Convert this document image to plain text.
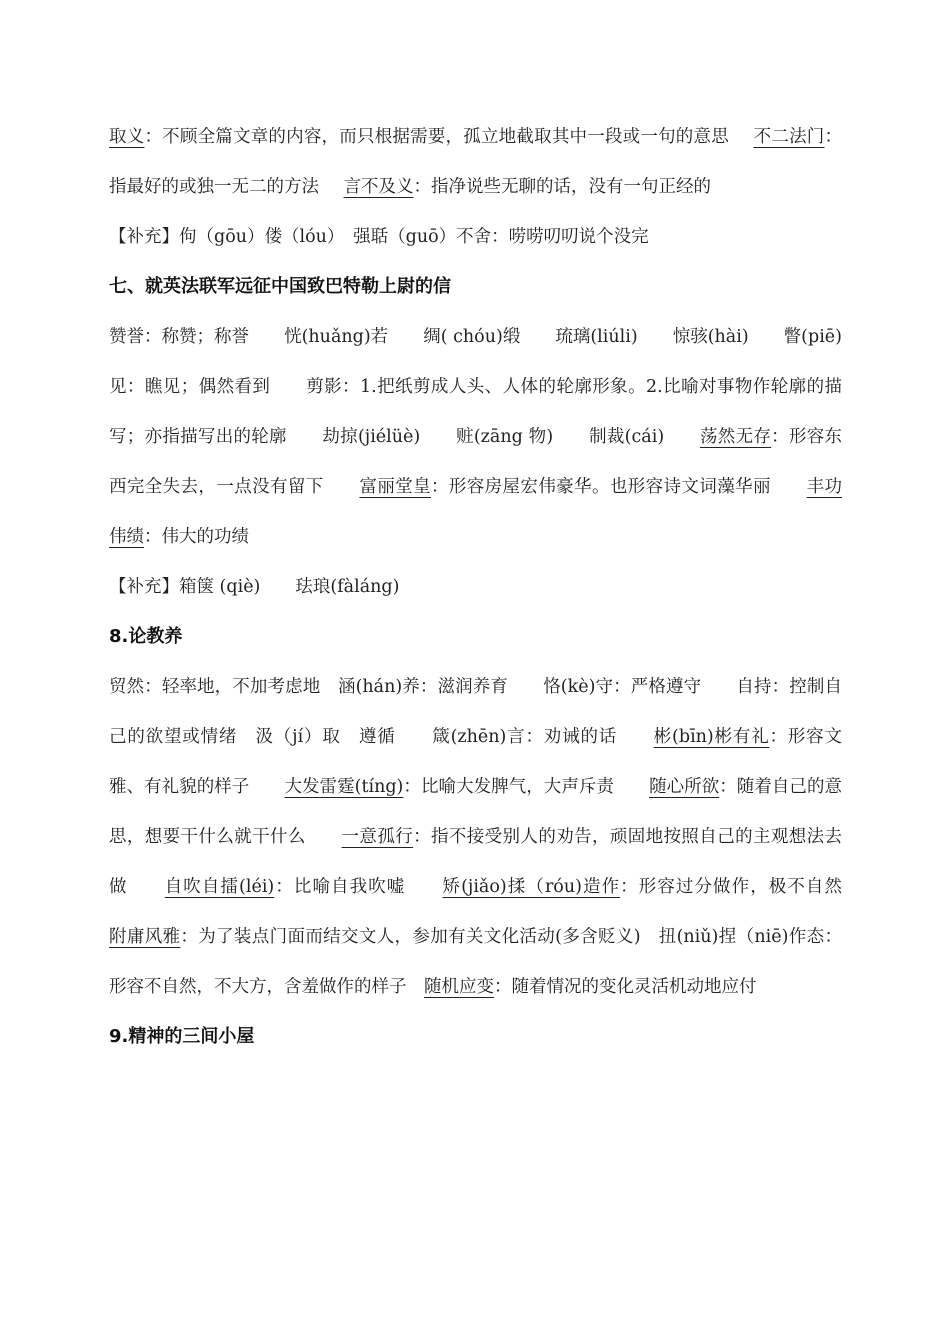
取义：不顾全篇文章的内容，而只根据需要，孤立地截取其中一段或一句的意思 不二法门：指最好的或独一无二的方法 言不及义：指净说些无聊的话，没有一句正经的

【补充】佝（gōu）偻（lóu）　强聒（guō）不舍：唠唠叨叨说个没完

七、就英法联军远征中国致巴特勒上尉的信

赞誉：称赞；称誉　　恍(huǎng)若　　绸( chóu)缎　　琉璃(liúli)　　惊骇(hài)　　瞥(piē)见：瞧见；偶然看到　　剪影：1.把纸剪成人头、人体的轮廓形象。2.比喻对事物作轮廓的描写；亦指描写出的轮廓　　劫掠(jiélüè)　　赃(zāng 物)　　制裁(cái)　　荡然无存：形容东西完全失去，一点没有留下　　富丽堂皇：形容房屋宏伟豪华。也形容诗文词藻华丽　　丰功伟绩：伟大的功绩

【补充】箱箧 (qiè)　　珐琅(fàláng)

8.论教养

贸然：轻率地，不加考虑地　涵(hán)养：滋润养育　　恪(kè)守：严格遵守　　自持：控制自己的欲望或情绪　汲（jí）取　遵循　　箴(zhēn)言：劝诫的话　　彬(bīn)彬有礼：形容文雅、有礼貌的样子　　大发雷霆(tíng)：比喻大发脾气，大声斥责　　随心所欲：随着自己的意思，想要干什么就干什么　　一意孤行：指不接受别人的劝告，顽固地按照自己的主观想法去做　　自吹自擂(léi)：比喻自我吹嘘　　矫(jiǎo)揉（róu)造作：形容过分做作，极不自然　　附庸风雅：为了装点门面而结交文人，参加有关文化活动(多含贬义)　扭(niǔ)捏（niē)作态：形容不自然，不大方，含羞做作的样子　随机应变：随着情况的变化灵活机动地应付

9.精神的三间小屋
